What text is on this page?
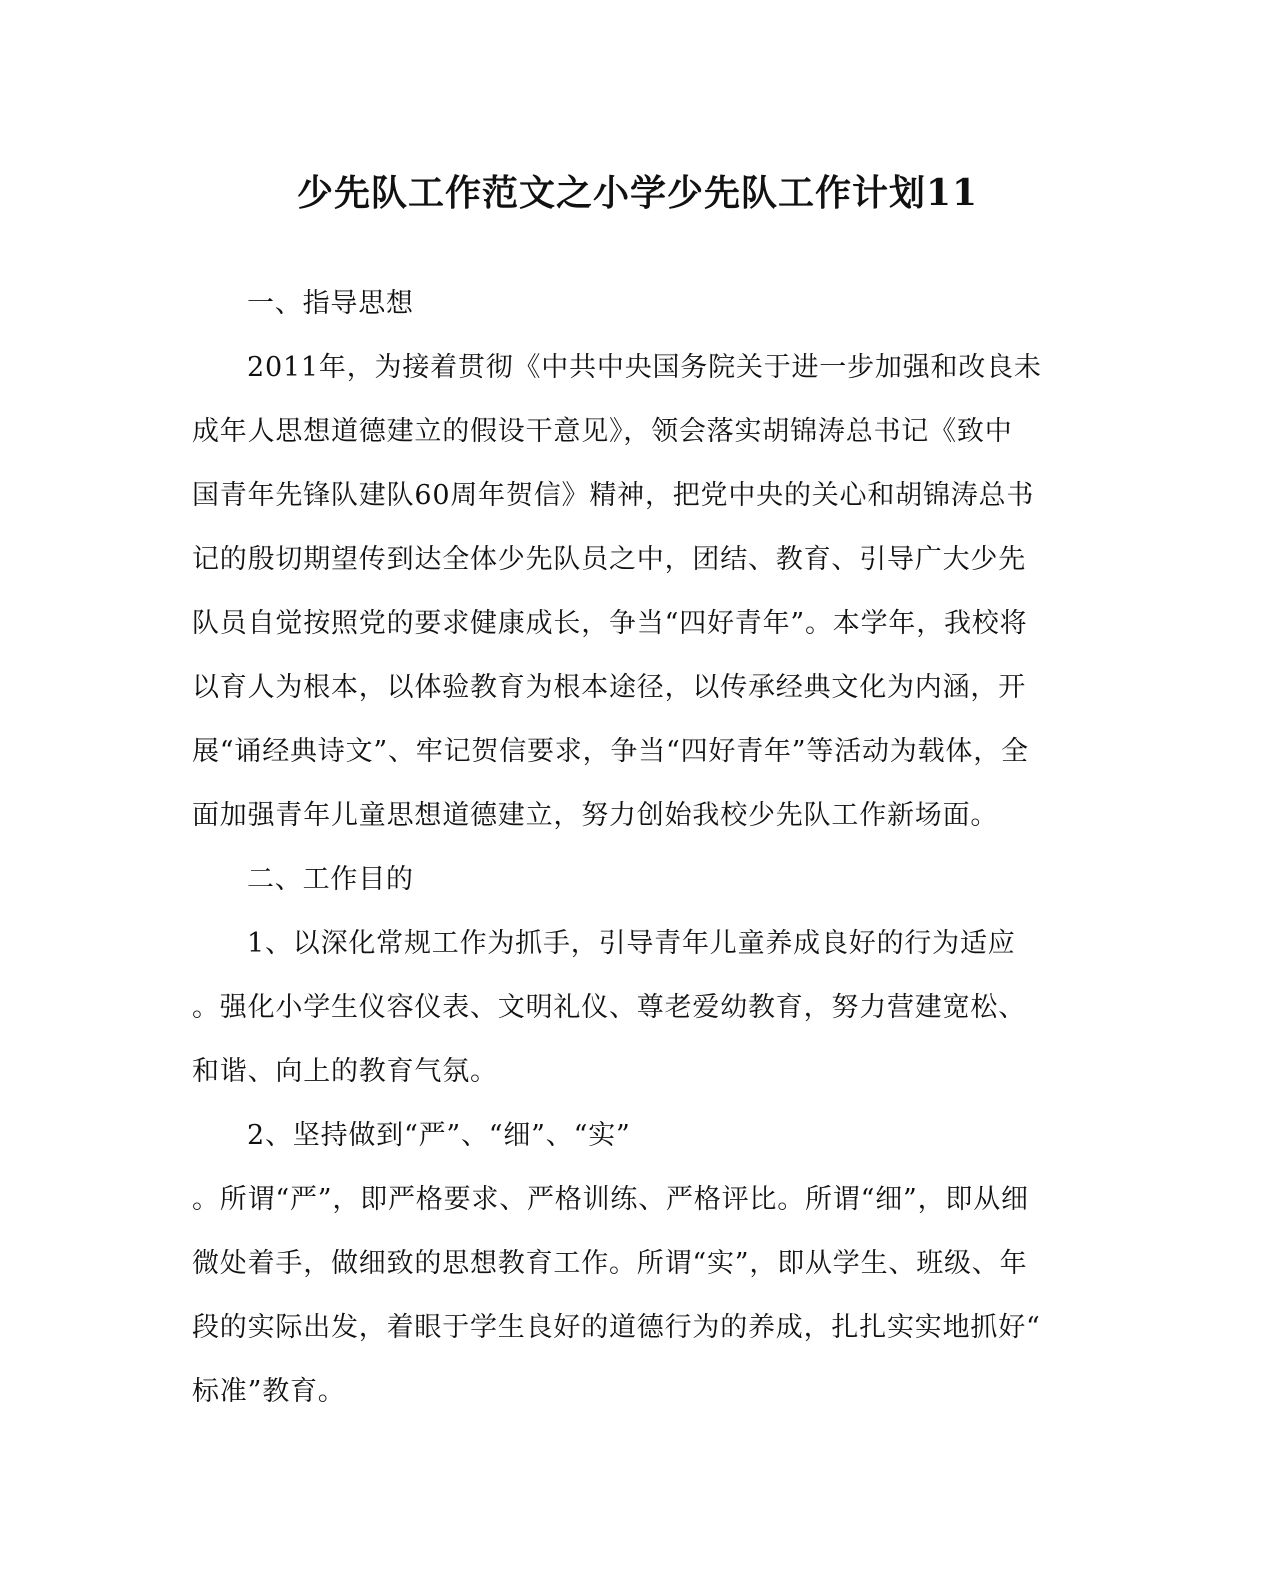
少先队工作范文之小学少先队工作计划11
一、指导思想
2011年，为接着贯彻《中共中央国务院关于进一步加强和改良未
成年人思想道德建立的假设干意见》，领会落实胡锦涛总书记《致中
国青年先锋队建队60周年贺信》精神，把党中央的关心和胡锦涛总书
记的殷切期望传到达全体少先队员之中，团结、教育、引导广大少先
队员自觉按照党的要求健康成长，争当“四好青年”。本学年，我校将
以育人为根本，以体验教育为根本途径，以传承经典文化为内涵，开
展“诵经典诗文”、牢记贺信要求，争当“四好青年”等活动为载体，全
面加强青年儿童思想道德建立，努力创始我校少先队工作新场面。
二、工作目的
1、以深化常规工作为抓手，引导青年儿童养成良好的行为适应
。强化小学生仪容仪表、文明礼仪、尊老爱幼教育，努力营建宽松、
和谐、向上的教育气氛。
2、坚持做到“严”、“细”、“实”
。所谓“严”，即严格要求、严格训练、严格评比。所谓“细”，即从细
微处着手，做细致的思想教育工作。所谓“实”，即从学生、班级、年
段的实际出发，着眼于学生良好的道德行为的养成，扎扎实实地抓好“
标准”教育。
